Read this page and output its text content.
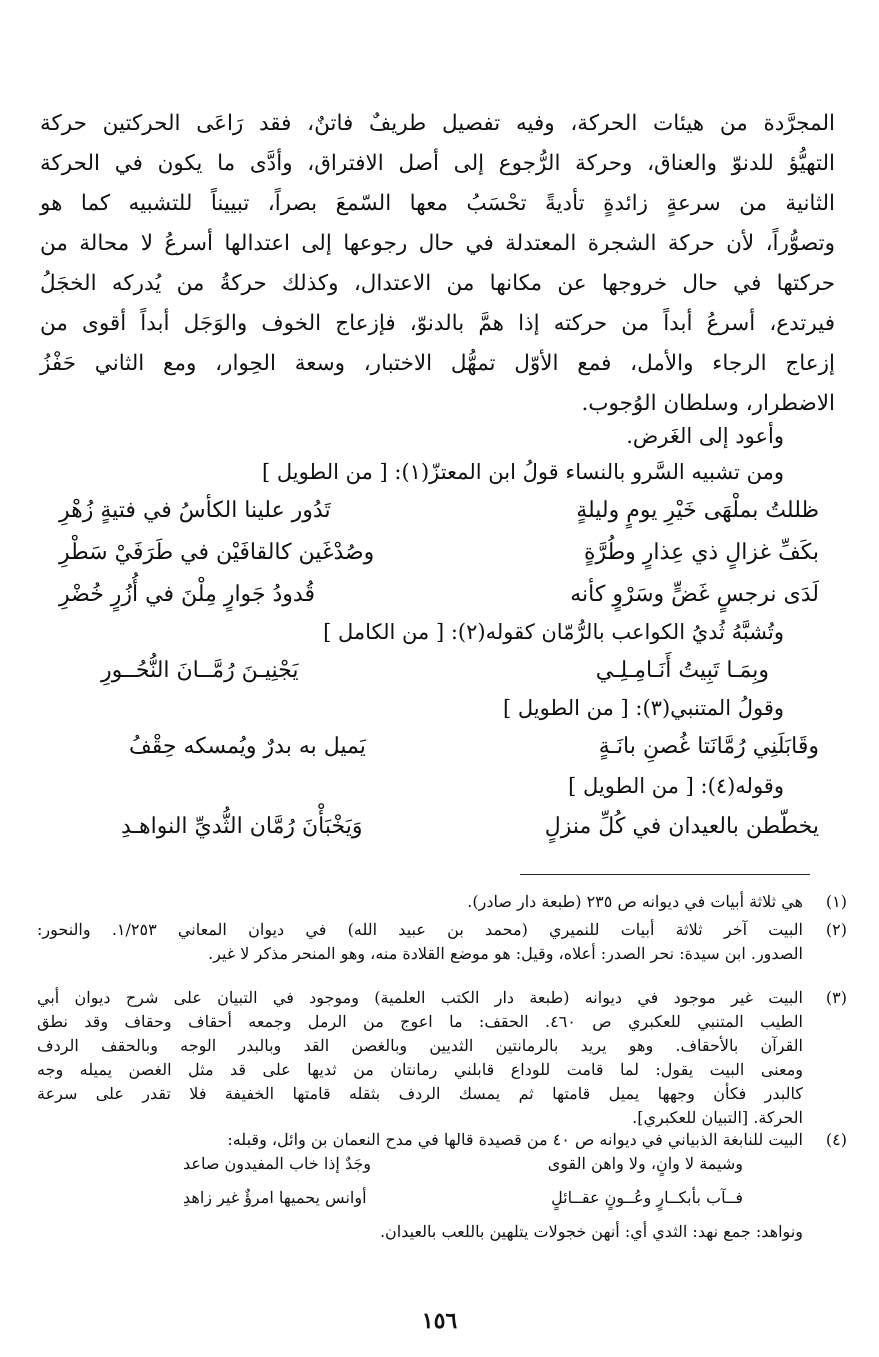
المجرَّدة من هيئات الحركة، وفيه تفصيل طريفٌ فاتنٌ، فقد رَاعَى الحركتين حركة
التهيُّؤ للدنوّ والعناق، وحركة الرُّجوع إلى أصل الافتراق، وأدَّى ما يكون في الحركة
الثانية من سرعةٍ زائدةٍ تأديةً تحْسَبُ معها السّمعَ بصراً، تبييناً للتشبيه كما هو
وتصوُّراً، لأن حركة الشجرة المعتدلة في حال رجوعها إلى اعتدالها أسرعُ لا محالة من
حركتها في حال خروجها عن مكانها من الاعتدال، وكذلك حركةُ من يُدركه الخجَلُ
فيرتدع، أسرعُ أبداً من حركته إذا همَّ بالدنوّ، فإزعاج الخوف والوَجَل أبداً أقوى من
إزعاج الرجاء والأمل، فمع الأوّل تمهُّل الاختبار، وسعة الحِوار، ومع الثاني حَفْزُ
الاضطرار، وسلطان الوُجوب.
وأعود إلى الغَرض.
ومن تشبيه السَّرو بالنساء قولُ ابن المعتزّ(١): [ من الطويل ]
ظللتُ بملْهَى خَيْرِ يومٍ وليلةٍ
تَدُور علينا الكأسُ في فتيةٍ زُهْرِ
بكَفِّ غزالٍ ذي عِذارٍ وطُرَّةٍ
وصُدْغَين كالقافَيْن في طَرَفَيْ سَطْرِ
لَدَى نرجسٍ غَضٍّ وسَرْوٍ كأنه
قُدودُ جَوارٍ مِلْنَ في أُزُرٍ خُضْرِ
وتُشبَّهُ ثُديُ الكواعب بالرُّمّان كقوله(٢): [ من الكامل ]
وبِمَـا تَبِيتُ أَنَـامِـلِـي
يَجْنِيـنَ رُمَّــانَ النُّحُــورِ
وقولُ المتنبي(٣): [ من الطويل ]
وقَابَلَنِي رُمَّانَتا غُصنِ بانَـةٍ
يَميل به بدرٌ ويُمسكه حِقْفُ
وقوله(٤): [ من الطويل ]
يخطّطن بالعيدان في كُلِّ منزلٍ
وَيَخْبَأْنَ رُمَّان الثُّديِّ النواهـدِ
(١)
هي ثلاثة أبيات في ديوانه ص ٢٣٥ (طبعة دار صادر).
(٢)
البيت آخر ثلاثة أبيات للنميري (محمد بن عبيد الله) في ديوان المعاني ١/٢٥٣. والنحور:
الصدور. ابن سيدة: نحر الصدر: أعلاه، وقيل: هو موضع القلادة منه، وهو المنحر مذكر لا غير.
(٣)
البيت غير موجود في ديوانه (طبعة دار الكتب العلمية) وموجود في التبيان على شرح ديوان أبي
الطيب المتنبي للعكبري ص ٤٦٠. الحقف: ما اعوج من الرمل وجمعه أحقاف وحقاف وقد نطق
القرآن بالأحقاف. وهو يريد بالرمانتين الثديين وبالغصن القد وبالبدر الوجه وبالحقف الردف
ومعنى البيت يقول: لما قامت للوداع قابلني رمانتان من ثديها على قد مثل الغصن يميله وجه
كالبدر فكأن وجهها يميل قامتها ثم يمسك الردف بثقله قامتها الخفيفة فلا تقدر على سرعة
الحركة. [التبيان للعكبري].
(٤)
البيت للنابغة الذبياني في ديوانه ص ٤٠ من قصيدة قالها في مدح النعمان بن وائل، وقبله:
وشيمة لا وانٍ، ولا واهن القوى
وجَدٌ إذا خاب المفيدون صاعد
فــآب بأبكــارٍ وعُــونٍ عقــائلٍ
أوانس يحميها امرؤٌ غير زاهدِ
ونواهد: جمع نهد: الثدي أي: أنهن خجولات يتلهين باللعب بالعيدان.
١٥٦
